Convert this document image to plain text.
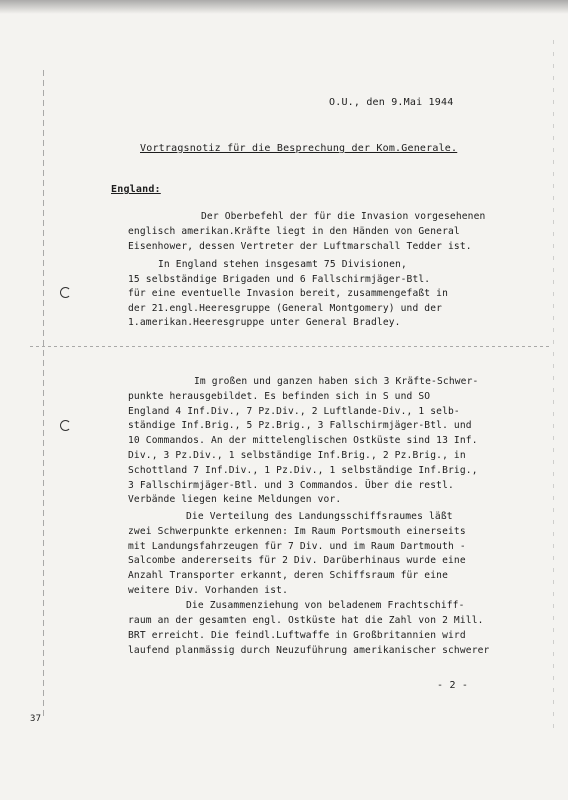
O.U., den 9.Mai 1944

Vortragsnotiz für die Besprechung der Kom.Generale.

England:

Der Oberbefehl der für die Invasion vorgesehenen
englisch amerikan.Kräfte liegt in den Händen von General
Eisenhower, dessen Vertreter der Luftmarschall Tedder ist.
In England stehen insgesamt 75 Divisionen,
15 selbständige Brigaden und 6 Fallschirmjäger-Btl.
für eine eventuelle Invasion bereit, zusammengefaßt in
der 21.engl.Heeresgruppe (General Montgomery) und der
1.amerikan.Heeresgruppe unter General Bradley.
Im großen und ganzen haben sich 3 Kräfte-Schwer-
punkte herausgebildet. Es befinden sich in S und SO
England 4 Inf.Div., 7 Pz.Div., 2 Luftlande-Div., 1 selb-
ständige Inf.Brig., 5 Pz.Brig., 3 Fallschirmjäger-Btl. und
10 Commandos. An der mittelenglischen Ostküste sind 13 Inf.
Div., 3 Pz.Div., 1 selbständige Inf.Brig., 2 Pz.Brig., in
Schottland 7 Inf.Div., 1 Pz.Div., 1 selbständige Inf.Brig.,
3 Fallschirmjäger-Btl. und 3 Commandos. Über die restl.
Verbände liegen keine Meldungen vor.
Die Verteilung des Landungsschiffsraumes läßt
zwei Schwerpunkte erkennen: Im Raum Portsmouth einerseits
mit Landungsfahrzeugen für 7 Div. und im Raum Dartmouth -
Salcombe andererseits für 2 Div. Darüberhinaus wurde eine
Anzahl Transporter erkannt, deren Schiffsraum für eine
weitere Div. Vorhanden ist.
Die Zusammenziehung von beladenem Frachtschiff-
raum an der gesamten engl. Ostküste hat die Zahl von 2 Mill.
BRT erreicht. Die feindl.Luftwaffe in Großbritannien wird
laufend planmässig durch Neuzuführung amerikanischer schwerer

- 2 -

37
